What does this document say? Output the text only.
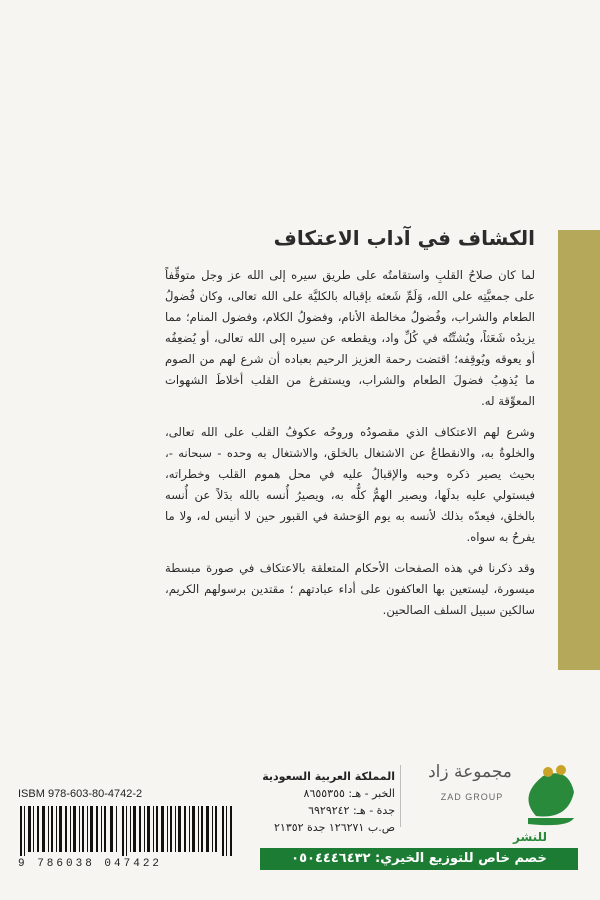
الكشاف في آداب الاعتكاف

لما كان صلاحُ القلبِ واستقامتُه على طريق سيره إلى الله عز وجل متوقِّفاً على جمعيَّتِه على الله، وَلَمِّ شَعثه بإقباله بالكليَّة على الله تعالى، وكان فُضولُ الطعام والشراب، وفُضولُ مخالطة الأنام، وفضولُ الكلام، وفضول المنام؛ مما يزيدُه شَعَثاً، ويُشتِّتُه في كُلِّ واد، ويقطعه عن سيره إلى الله تعالى، أو يُضعِفُه أو يعوقه ويُوقِفه؛ اقتضت رحمة العزيز الرحيم بعباده أن شرع لهم من الصوم ما يُذهِبُ فضولَ الطعام والشراب، ويستفرغ من القلب أخلاطَ الشهوات المعوِّقة له.

وشرع لهم الاعتكاف الذي مقصودُه وروحُه عكوفُ القلب على الله تعالى، والخلوةُ به، والانقطاعُ عن الاشتغال بالخلق، والاشتغال به وحده - سبحانه -، بحيث يصير ذكره وحبه والإقبالُ عليه في محل هموم القلب وخطراته، فيستولي عليه بدلَها، ويصير الهمُّ كلُّه به، ويصيرُ أُنسه بالله بدَلاً عن أُنسه بالخلق، فيعدّه بذلك لأنسه به يوم الوَحشة في القبور حين لا أنيس له، ولا ما يفرحُ به سواه.

وقد ذكرنا في هذه الصفحات الأحكام المتعلقة بالاعتكاف في صورة مبسطة ميسورة، ليستعين بها العاكفون على أداء عبادتهم ؛ مقتدين برسولهم الكريم، سالكين سبيل السلف الصالحين.

ISBM 978-603-80-4742-2
9 786038 047422
المملكة العربية السعودية
الخبر - هـ: ٨٦٥٥٣٥٥
جدة - هـ: ٦٩٢٩٢٤٢
ص.ب ١٢٦٢٧١ جدة ٢١٣٥٢
مجموعة زاد
ZAD GROUP
للنشر
خصم خاص للتوزيع الخيري: ٠٥٠٤٤٤٦٤٣٢
